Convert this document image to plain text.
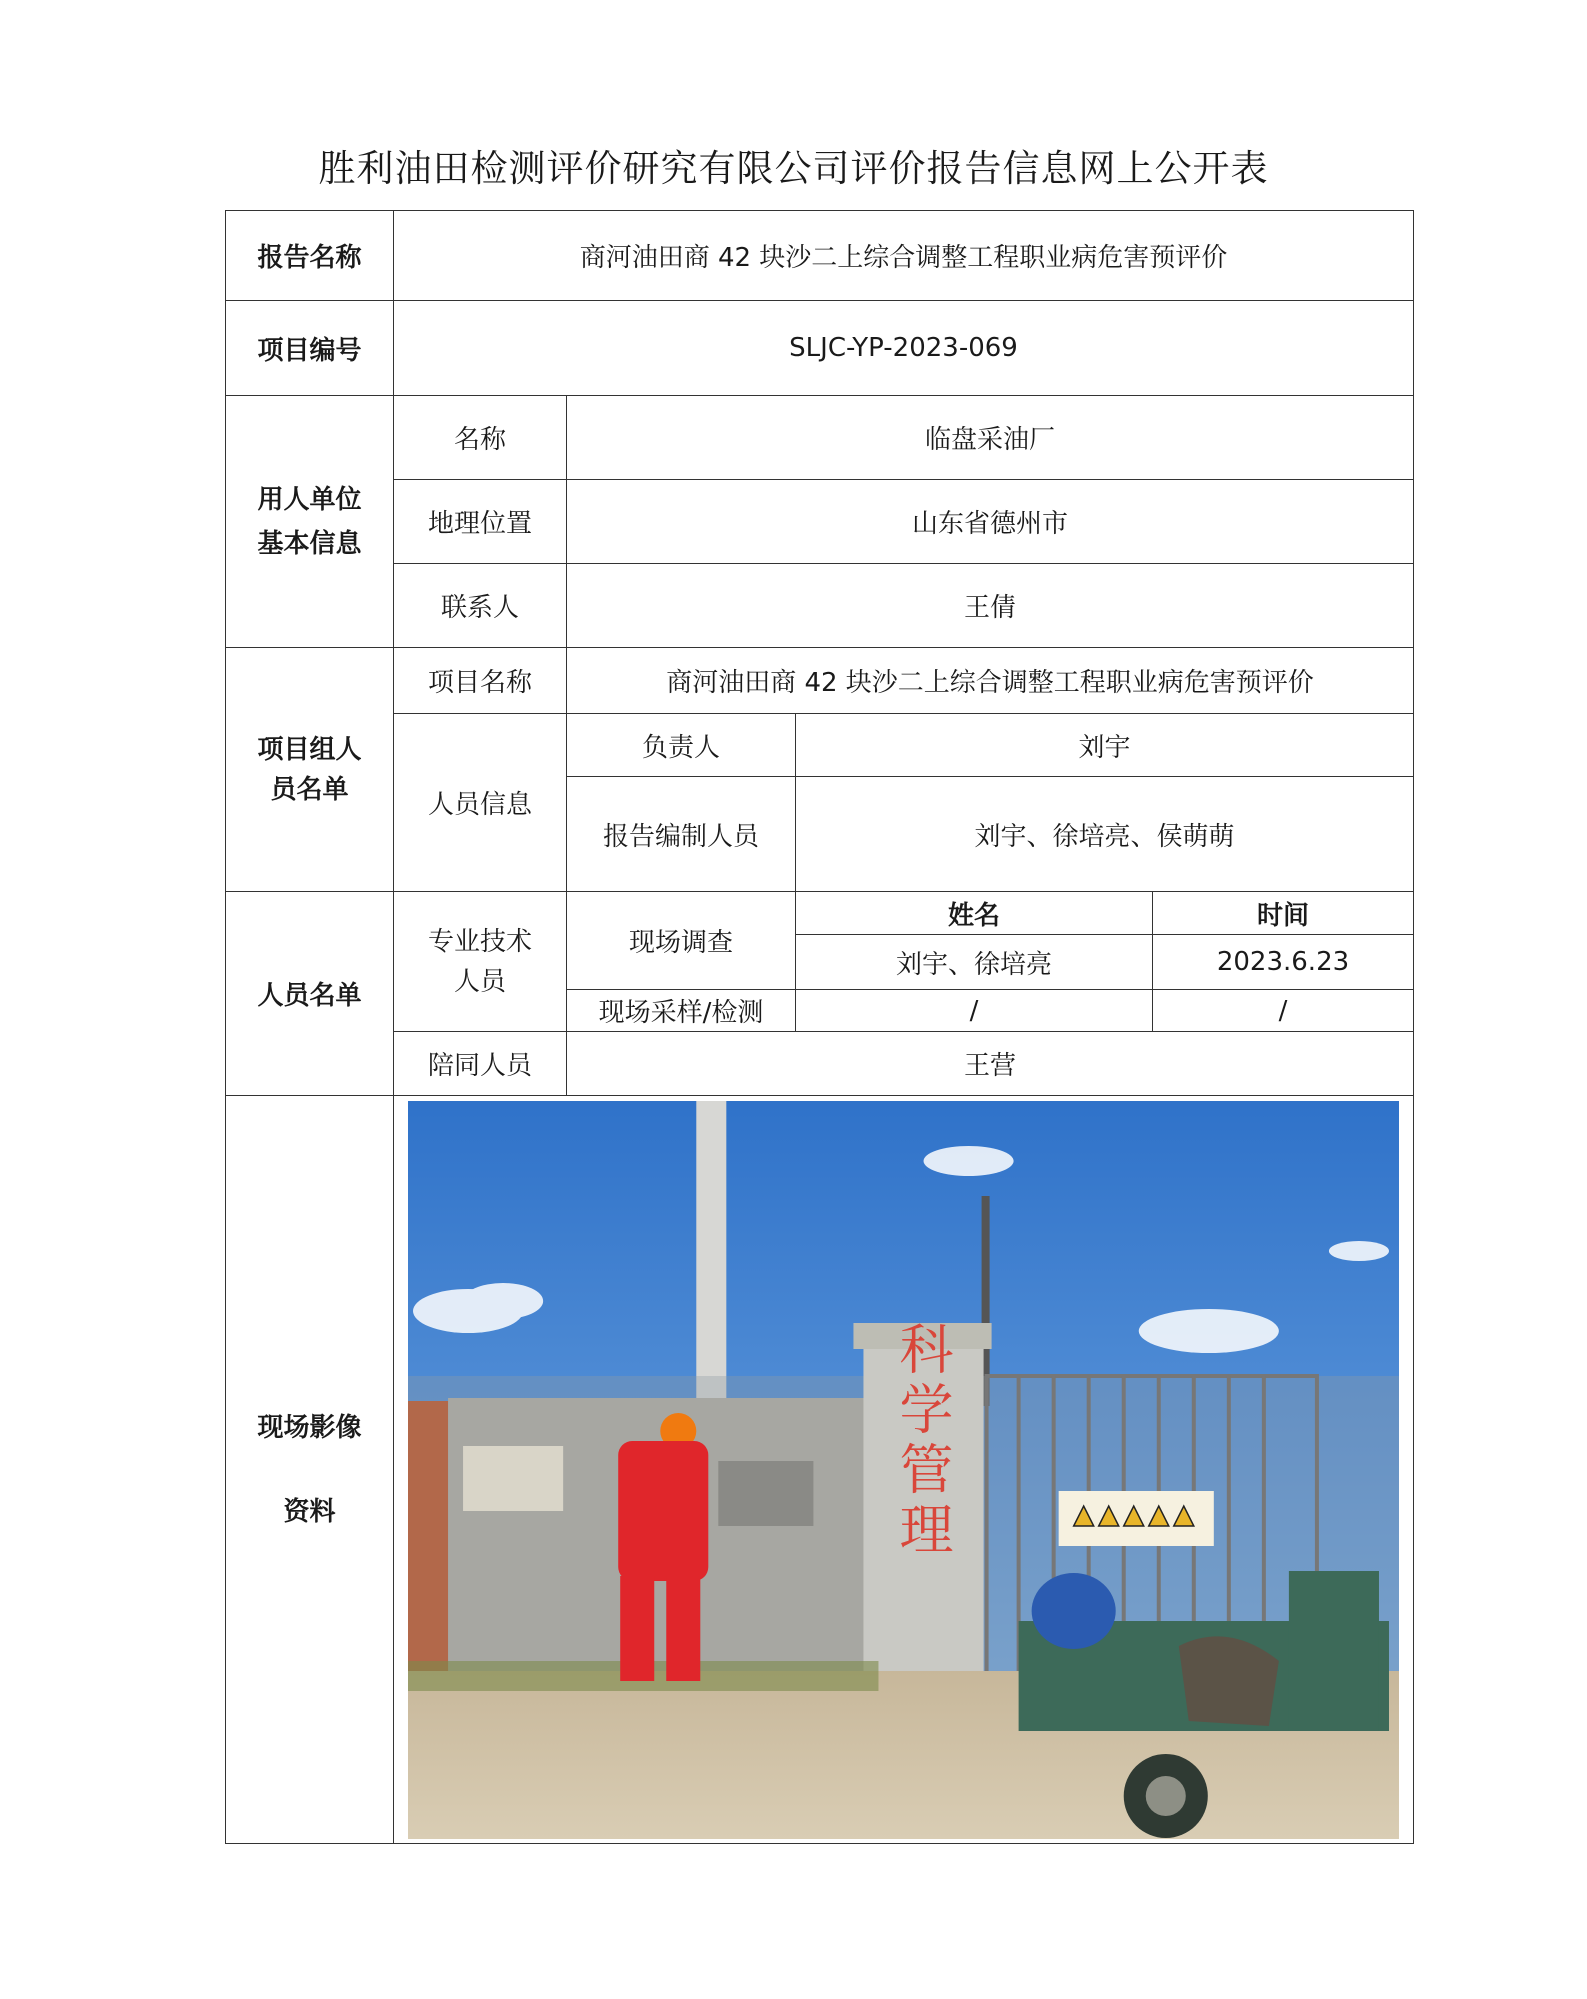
胜利油田检测评价研究有限公司评价报告信息网上公开表
报告名称	商河油田商 42 块沙二上综合调整工程职业病危害预评价			
项目编号	SLJC-YP-2023-069			

用人单位
基本信息	名称	临盘采油厂		
	地理位置	山东省德州市		
	联系人	王倩		

项目组人
员名单	项目名称	商河油田商 42 块沙二上综合调整工程职业病危害预评价		
	人员信息	负责人	刘宇	
		报告编制人员	刘宇、徐培亮、侯萌萌	
人员名单	专业技术
人员	现场调查	姓名	时间
			刘宇、徐培亮	2023.6.23
		现场采样/检测	/	/
	陪同人员	王营		

现场影像
资料	科学管理			
